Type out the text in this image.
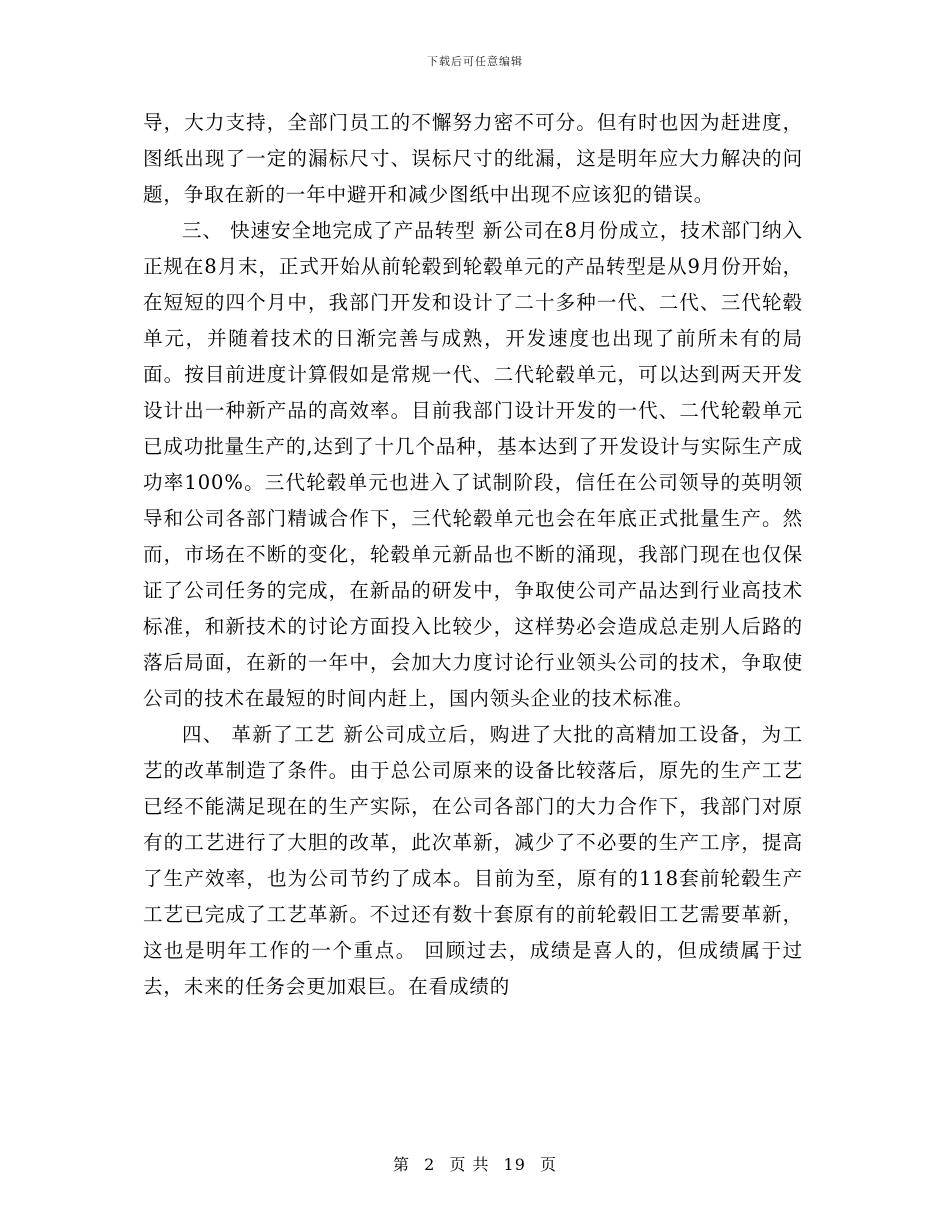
下载后可任意编辑

导，大力支持，全部门员工的不懈努力密不可分。但有时也因为赶进度，图纸出现了一定的漏标尺寸、误标尺寸的纰漏，这是明年应大力解决的问题，争取在新的一年中避开和减少图纸中出现不应该犯的错误。

三、 快速安全地完成了产品转型 新公司在8月份成立，技术部门纳入正规在8月末，正式开始从前轮毂到轮毂单元的产品转型是从9月份开始，在短短的四个月中，我部门开发和设计了二十多种一代、二代、三代轮毂单元，并随着技术的日渐完善与成熟，开发速度也出现了前所未有的局面。按目前进度计算假如是常规一代、二代轮毂单元，可以达到两天开发设计出一种新产品的高效率。目前我部门设计开发的一代、二代轮毂单元已成功批量生产的,达到了十几个品种，基本达到了开发设计与实际生产成功率100%。三代轮毂单元也进入了试制阶段，信任在公司领导的英明领导和公司各部门精诚合作下，三代轮毂单元也会在年底正式批量生产。然而，市场在不断的变化，轮毂单元新品也不断的涌现，我部门现在也仅保证了公司任务的完成，在新品的研发中，争取使公司产品达到行业高技术标准，和新技术的讨论方面投入比较少，这样势必会造成总走别人后路的落后局面，在新的一年中，会加大力度讨论行业领头公司的技术，争取使公司的技术在最短的时间内赶上，国内领头企业的技术标准。

四、 革新了工艺 新公司成立后，购进了大批的高精加工设备，为工艺的改革制造了条件。由于总公司原来的设备比较落后，原先的生产工艺已经不能满足现在的生产实际，在公司各部门的大力合作下，我部门对原有的工艺进行了大胆的改革，此次革新，减少了不必要的生产工序，提高了生产效率，也为公司节约了成本。目前为至，原有的118套前轮毂生产工艺已完成了工艺革新。不过还有数十套原有的前轮毂旧工艺需要革新，这也是明年工作的一个重点。 回顾过去，成绩是喜人的，但成绩属于过去，未来的任务会更加艰巨。在看成绩的

第 2 页 共 19 页
